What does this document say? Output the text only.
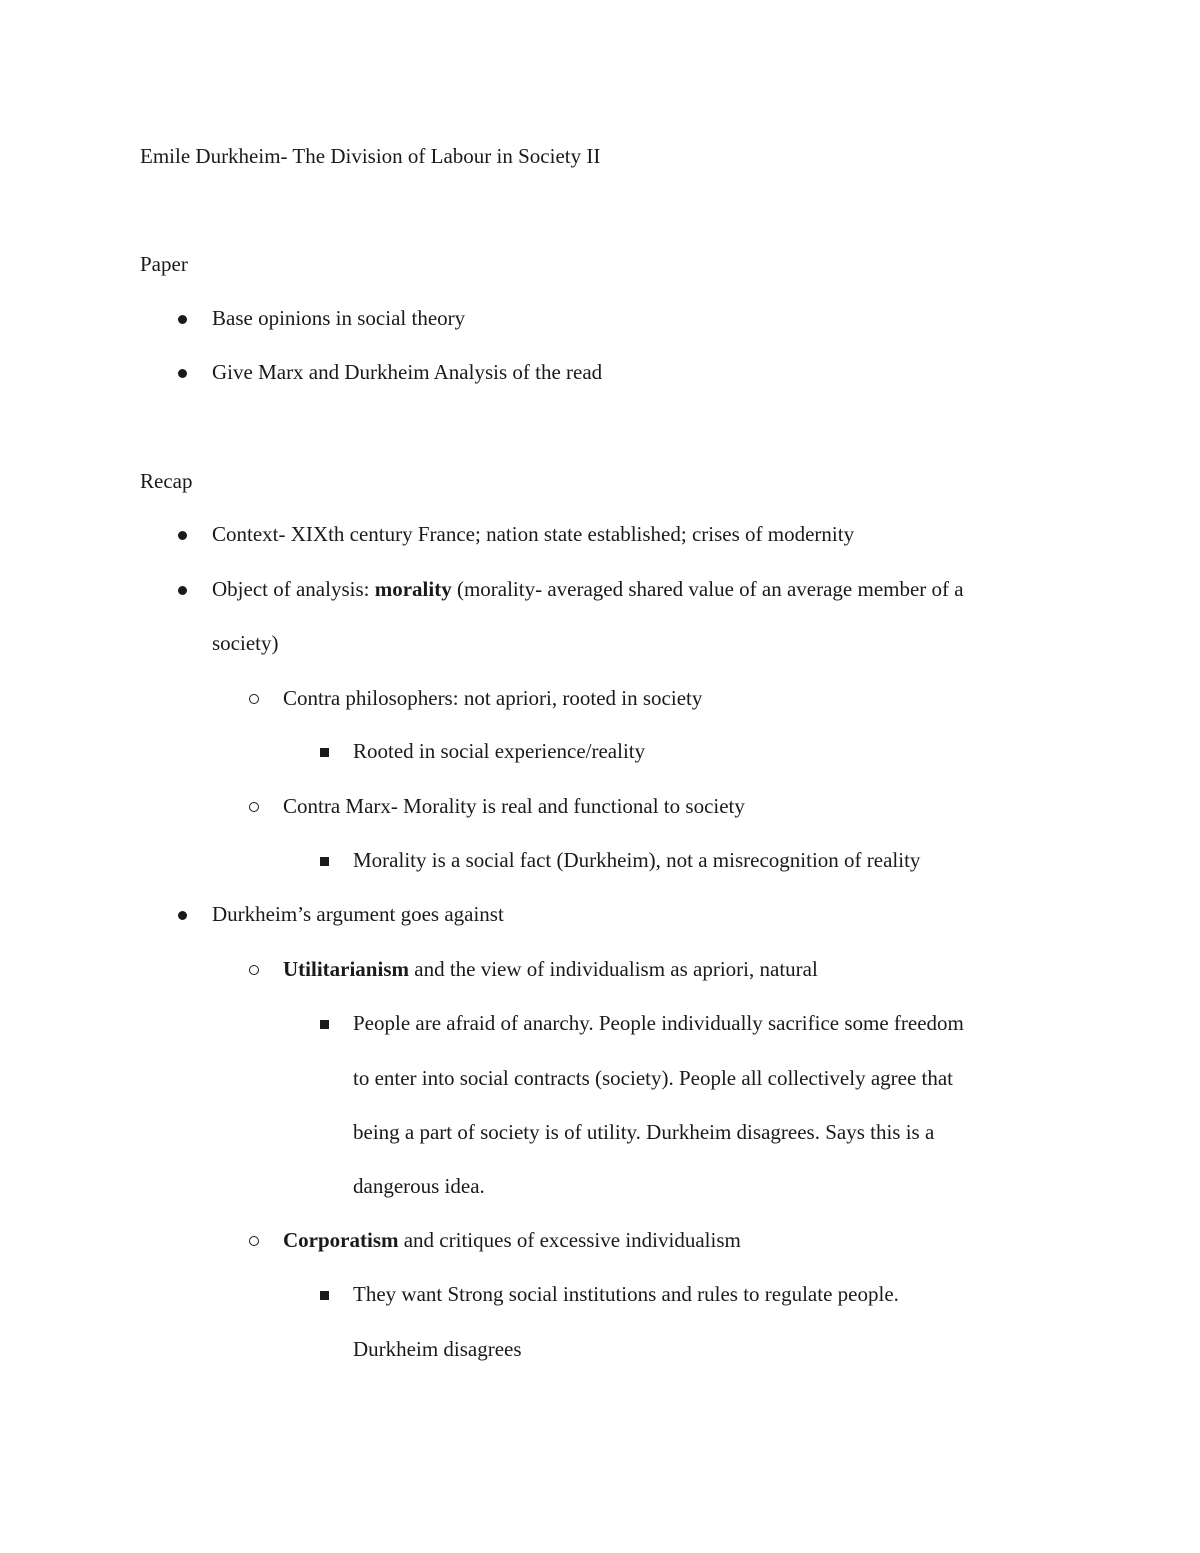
Emile Durkheim- The Division of Labour in Society II
Paper
Base opinions in social theory
Give Marx and Durkheim Analysis of the read
Recap
Context- XIXth century France; nation state established; crises of modernity
Object of analysis: morality (morality- averaged shared value of an average member of a
society)
Contra philosophers: not apriori, rooted in society
Rooted in social experience/reality
Contra Marx- Morality is real and functional to society
Morality is a social fact (Durkheim), not a misrecognition of reality
Durkheim’s argument goes against
Utilitarianism and the view of individualism as apriori, natural
People are afraid of anarchy. People individually sacrifice some freedom
to enter into social contracts (society). People all collectively agree that
being a part of society is of utility. Durkheim disagrees. Says this is a
dangerous idea.
Corporatism and critiques of excessive individualism
They want Strong social institutions and rules to regulate people.
Durkheim disagrees
